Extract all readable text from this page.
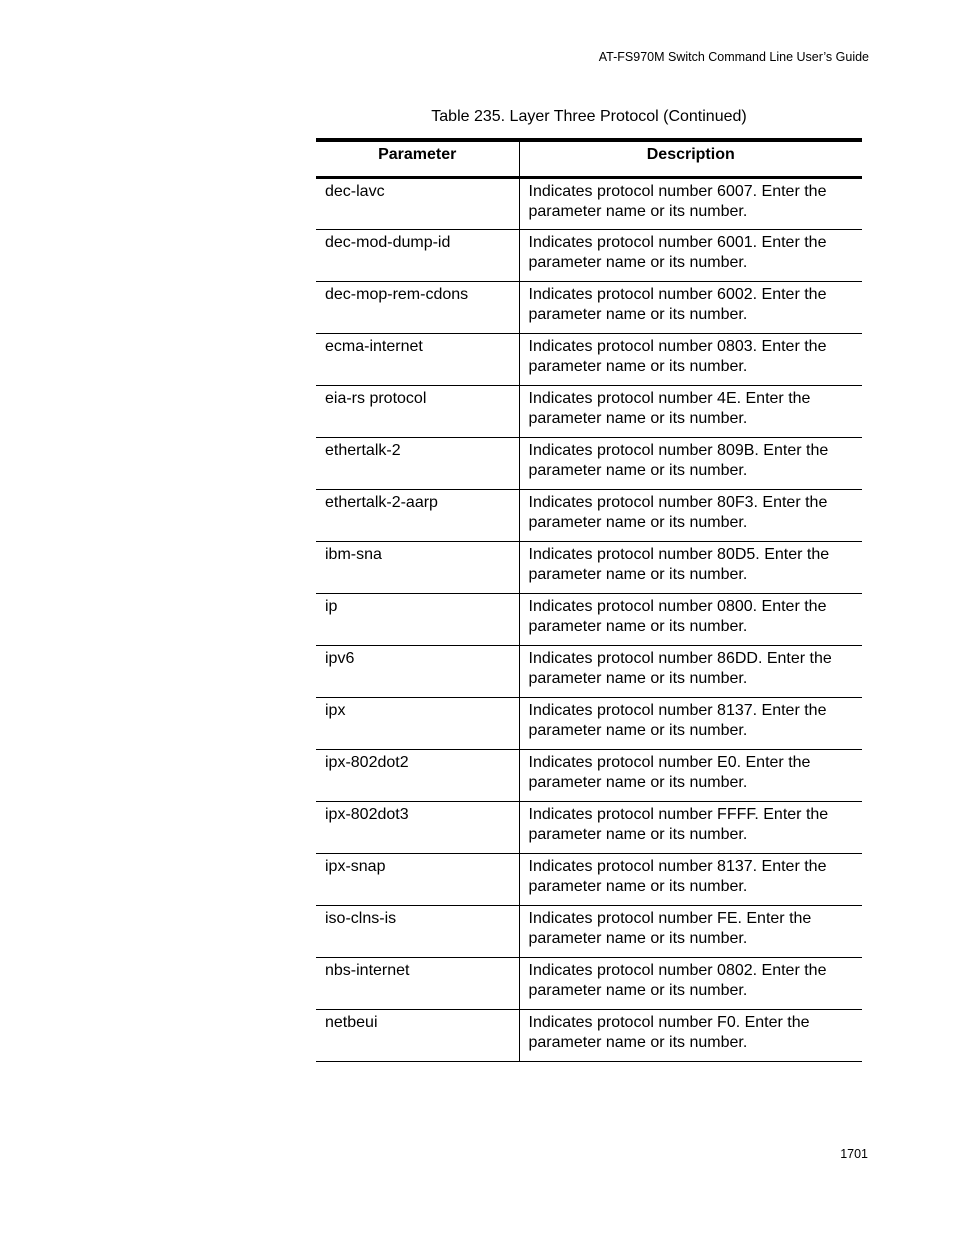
AT-FS970M Switch Command Line User’s Guide
Table 235. Layer Three Protocol (Continued)
Parameter	Description
dec-lavc	Indicates protocol number 6007. Enter the parameter name or its number.
dec-mod-dump-id	Indicates protocol number 6001. Enter the parameter name or its number.
dec-mop-rem-cdons	Indicates protocol number 6002. Enter the parameter name or its number.
ecma-internet	Indicates protocol number 0803. Enter the parameter name or its number.
eia-rs protocol	Indicates protocol number 4E. Enter the parameter name or its number.
ethertalk-2	Indicates protocol number 809B. Enter the parameter name or its number.
ethertalk-2-aarp	Indicates protocol number 80F3. Enter the parameter name or its number.
ibm-sna	Indicates protocol number 80D5. Enter the parameter name or its number.
ip	Indicates protocol number 0800. Enter the parameter name or its number.
ipv6	Indicates protocol number 86DD. Enter the parameter name or its number.
ipx	Indicates protocol number 8137. Enter the parameter name or its number.
ipx-802dot2	Indicates protocol number E0. Enter the parameter name or its number.
ipx-802dot3	Indicates protocol number FFFF. Enter the parameter name or its number.
ipx-snap	Indicates protocol number 8137. Enter the parameter name or its number.
iso-clns-is	Indicates protocol number FE. Enter the parameter name or its number.
nbs-internet	Indicates protocol number 0802. Enter the parameter name or its number.
netbeui	Indicates protocol number F0. Enter the parameter name or its number.
1701
